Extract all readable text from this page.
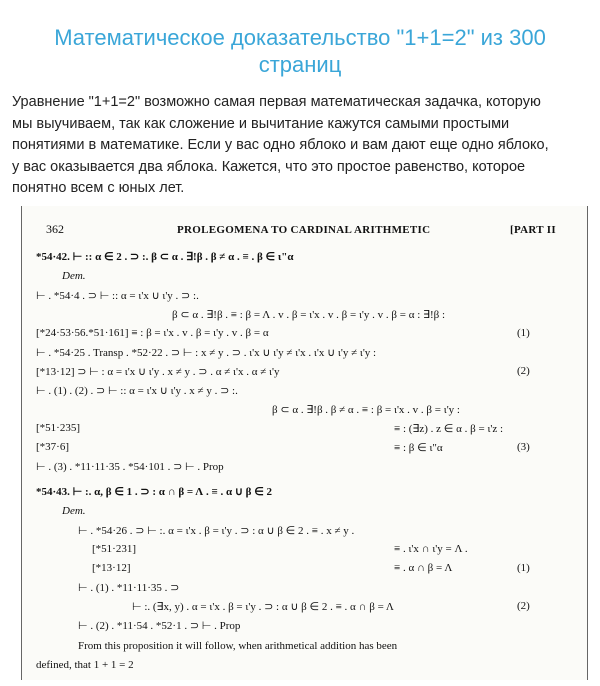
Математическое доказательство "1+1=2" из 300
страниц
Уравнение "1+1=2" возможно самая первая математическая задачка, которую
мы выучиваем, так как сложение и вычитание кажутся самыми простыми
понятиями в математике. Если у вас одно яблоко и вам дают еще одно яблоко,
у вас оказывается два яблока. Кажется, что это простое равенство, которое
понятно всем с юных лет.
362	PROLEGOMENA TO CARDINAL ARITHMETIC	[PART II
*54·42. ⊢ :: α ∈ 2 . ⊃ :. β ⊂ α . ∃!β . β ≠ α . ≡ . β ∈ ι"α
Dem.
⊢ . *54·4 . ⊃ ⊢ :: α = ι'x ∪ ι'y . ⊃ :.
β ⊂ α . ∃!β . ≡ : β = Λ . v . β = ι'x . v . β = ι'y . v . β = α : ∃!β :
[*24·53·56.*51·161] ≡ : β = ι'x . v . β = ι'y . v . β = α	(1)
⊢ . *54·25 . Transp . *52·22 . ⊃ ⊢ : x ≠ y . ⊃ . ι'x ∪ ι'y ≠ ι'x . ι'x ∪ ι'y ≠ ι'y :
[*13·12] ⊃ ⊢ : α = ι'x ∪ ι'y . x ≠ y . ⊃ . α ≠ ι'x . α ≠ ι'y	(2)
⊢ . (1) . (2) . ⊃ ⊢ :: α = ι'x ∪ ι'y . x ≠ y . ⊃ :.
β ⊂ α . ∃!β . β ≠ α . ≡ : β = ι'x . v . β = ι'y :
[*51·235]	≡ : (∃z) . z ∈ α . β = ι'z :
[*37·6]	≡ : β ∈ ι"α	(3)
⊢ . (3) . *11·11·35 . *54·101 . ⊃ ⊢ . Prop
*54·43. ⊢ :. α, β ∈ 1 . ⊃ : α ∩ β = Λ . ≡ . α ∪ β ∈ 2
Dem.
⊢ . *54·26 . ⊃ ⊢ :. α = ι'x . β = ι'y . ⊃ : α ∪ β ∈ 2 . ≡ . x ≠ y .
[*51·231]	≡ . ι'x ∩ ι'y = Λ .
[*13·12]	≡ . α ∩ β = Λ	(1)
⊢ . (1) . *11·11·35 . ⊃
⊢ :. (∃x, y) . α = ι'x . β = ι'y . ⊃ : α ∪ β ∈ 2 . ≡ . α ∩ β = Λ	(2)
⊢ . (2) . *11·54 . *52·1 . ⊃ ⊢ . Prop
From this proposition it will follow, when arithmetical addition has been
defined, that 1 + 1 = 2
